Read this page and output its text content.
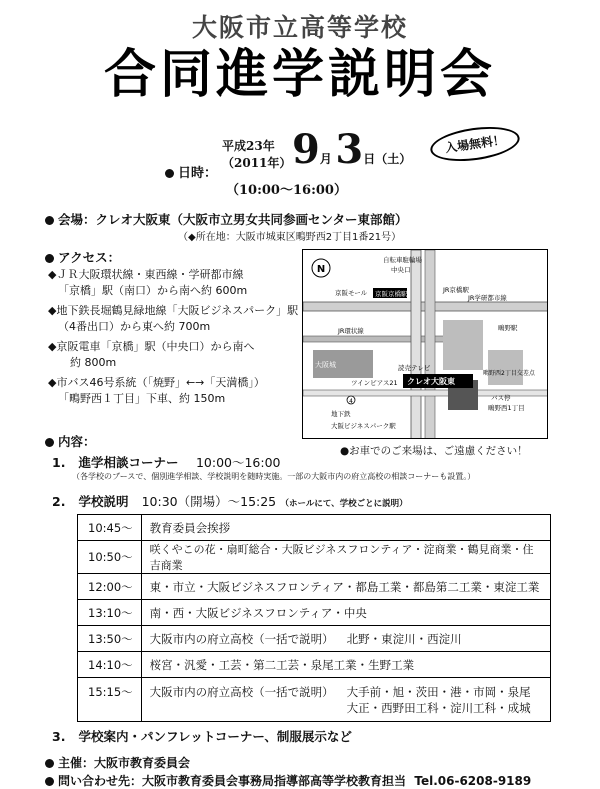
大阪市立高等学校
合同進学説明会
入場無料！
平成23年
日時：
（2011年） 9月 3日（土）
（10:00〜16:00）
会場：クレオ大阪東（大阪市立男女共同参画センター東部館）
（◆所在地：大阪市城東区鴫野西2丁目1番21号）
アクセス：
◆ＪＲ大阪環状線・東西線・学研都市線
「京橋」駅（南口）から南へ約 600m
◆地下鉄長堀鶴見緑地線「大阪ビジネスパーク」駅
（4番出口）から東へ約 700m
◆京阪電車「京橋」駅（中央口）から南へ
約 800m
◆市バス46号系統（「焼野」←→「天満橋」）
「鴫野西１丁目」下車、約 150m
N
自転車駐輪場
中央口
京阪モール 京阪京橋駅	JR京橋駅
JR学研都市線
鴫野駅
JR環状線
大阪城	読売テレビ
ツインピアス21 クレオ大阪東
4
地下鉄
大阪ビジネスパーク駅
バス停
鴫野西1丁目
鴫野西2丁目交差点
●お車でのご来場は、ご遠慮ください！
内容：
1. 進学相談コーナー 10:00〜16:00
（各学校のブースで、個別進学相談、学校説明を随時実施。一部の大阪市内の府立高校の相談コーナーも設置。）
2. 学校説明 10:30（開場）〜15:25 （ホールにて、学校ごとに説明）
10:45〜	教育委員会挨拶
10:50〜	咲くやこの花・扇町総合・大阪ビジネスフロンティア・淀商業・鶴見商業・住吉商業
12:00〜	東・市立・大阪ビジネスフロンティア・都島工業・都島第二工業・東淀工業
13:10〜	南・西・大阪ビジネスフロンティア・中央
13:50〜	大阪市内の府立高校（一括で説明） 北野・東淀川・西淀川

14:10〜	桜宮・汎愛・工芸・第二工芸・泉尾工業・生野工業
15:15〜	大阪市内の府立高校（一括で説明） 大手前・旭・茨田・港・市岡・泉尾
大正・西野田工科・淀川工科・成城
3. 学校案内・パンフレットコーナー、制服展示など
主催：大阪市教育委員会
問い合わせ先：大阪市教育委員会事務局指導部高等学校教育担当 Tel.06-6208-9189
